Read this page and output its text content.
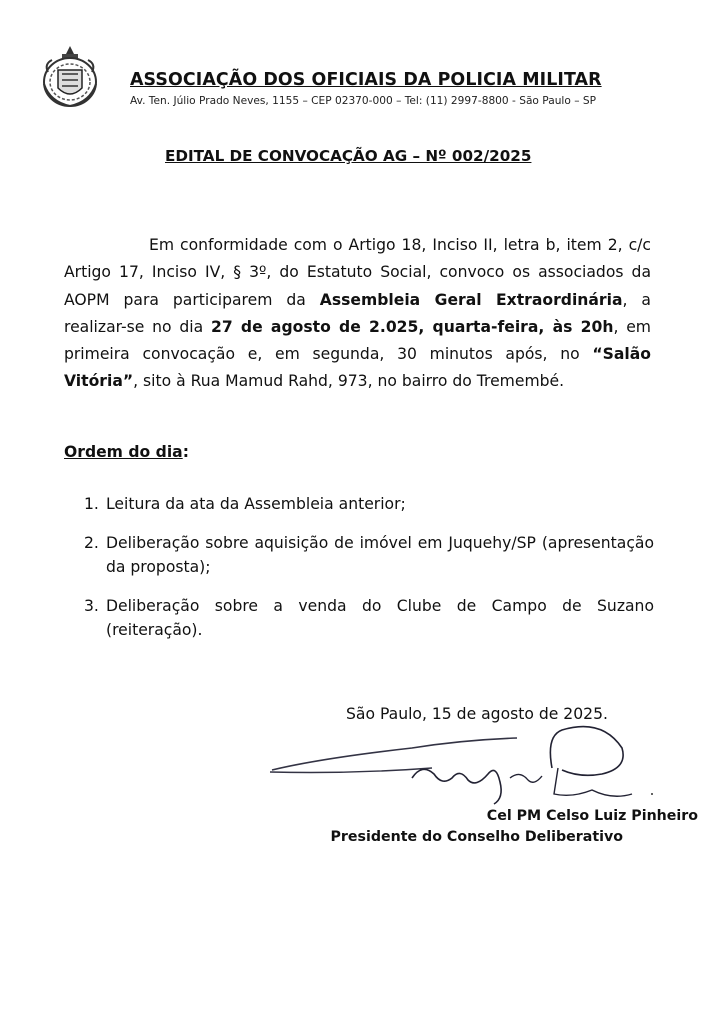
ASSOCIAÇÃO DOS OFICIAIS DA POLICIA MILITAR
Av. Ten. Júlio Prado Neves, 1155 – CEP 02370-000 – Tel: (11) 2997-8800 - São Paulo – SP
EDITAL DE CONVOCAÇÃO AG – Nº 002/2025
Em conformidade com o Artigo 18, Inciso II, letra b, item 2, c/c Artigo 17, Inciso IV, § 3º, do Estatuto Social, convoco os associados da AOPM para participarem da Assembleia Geral Extraordinária, a realizar-se no dia 27 de agosto de 2.025, quarta-feira, às 20h, em primeira convocação e, em segunda, 30 minutos após, no “Salão Vitória”, sito à Rua Mamud Rahd, 973, no bairro do Tremembé.
Ordem do dia:
1. Leitura da ata da Assembleia anterior;
2. Deliberação sobre aquisição de imóvel em Juquehy/SP (apresentação da proposta);
3. Deliberação sobre a venda do Clube de Campo de Suzano (reiteração).
São Paulo, 15 de agosto de 2025.
Cel PM Celso Luiz Pinheiro
Presidente do Conselho Deliberativo
